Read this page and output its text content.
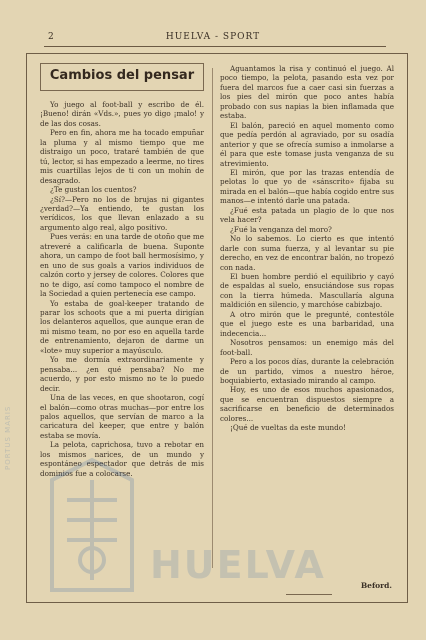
2	HUELVA - SPORT
Cambios del pensar

Yo juego al foot-ball y escribo de él. ¡Bueno! dirán «Vds.», pues yo digo ¡malo! y de las dos cosas.

Pero en fin, ahora me ha tocado empuñar la pluma y al mismo tiempo que me distraigo un poco, trataré también de que tú, lector, si has empezado a leerme, no tires mis cuartillas lejos de ti con un mohín de desagrado.

¿Te gustan los cuentos?

¿Sí?—Pero no los de brujas ni gigantes ¿verdad?—Ya entiendo, te gustan los verídicos, los que llevan enlazado a su argumento algo real, algo positivo.

Pues verás: en una tarde de otoño que me atreveré a calificarla de buena. Suponte ahora, un campo de foot ball hermosísimo, y en uno de sus goals a varios individuos de calzón corto y jersey de colores. Colores que no te digo, así como tampoco el nombre de la Sociedad a quien pertenecía ese campo.

Yo estaba de goal-keeper tratando de parar los schoots que a mi puerta dirigían los delanteros aquellos, que aunque eran de mi mismo team, no por eso en aquella tarde de entrenamiento, dejaron de darme un «lote» muy superior a mayúsculo.

Yo me dormía extraordinariamente y pensaba... ¿en qué pensaba? No me acuerdo, y por esto mismo no te lo puedo decir.

Una de las veces, en que shootaron, cogí el balón—como otras muchas—por entre los palos aquellos, que servían de marco a la caricatura del keeper, que entre y balón estaba se movía.

La pelota, caprichosa, tuvo a rebotar en los mismos narices, de un mundo y espontáneo espectador que detrás de mis dominios fue a colocarse.

Aguantamos la risa y continuó el juego. Al poco tiempo, la pelota, pasando esta vez por fuera del marcos fue a caer casi sin fuerzas a los pies del mirón que poco antes había probado con sus napias la bien inflamada que estaba.

El balón, pareció en aquel momento como que pedía perdón al agraviado, por su osadía anterior y que se ofrecía sumiso a inmolarse a él para que este tomase justa venganza de su atrevimiento.

El mirón, que por las trazas entendía de pelotas lo que yo de «sánscrito» fijaba su mirada en el balón—que había cogido entre sus manos—e intentó darle una patada.

¿Fué esta patada un plagio de lo que nos vela hacer?

¿Fué la venganza del moro?

No lo sabemos. Lo cierto es que intentó darle con suma fuerza, y al levantar su pie derecho, en vez de encontrar balón, no tropezó con nada.

El buen hombre perdió el equilibrio y cayó de espaldas al suelo, ensuciándose sus ropas con la tierra húmeda. Mascullaría alguna maldición en silencio, y marchóse cabizbajo.

A otro mirón que le pregunté, contestóle que el juego este es una barbaridad, una indecencia...

Nosotros pensamos: un enemigo más del foot-ball.

Pero a los pocos días, durante la celebración de un partido, vimos a nuestro héroe, boquiabierto, extasiado mirando al campo.

Hoy, es uno de esos muchos apasionados, que se encuentran dispuestos siempre a sacrificarse en beneficio de determinados colores...

¡Qué de vueltas da este mundo!

Beford.
PORTUS MARIS
HUELVA
